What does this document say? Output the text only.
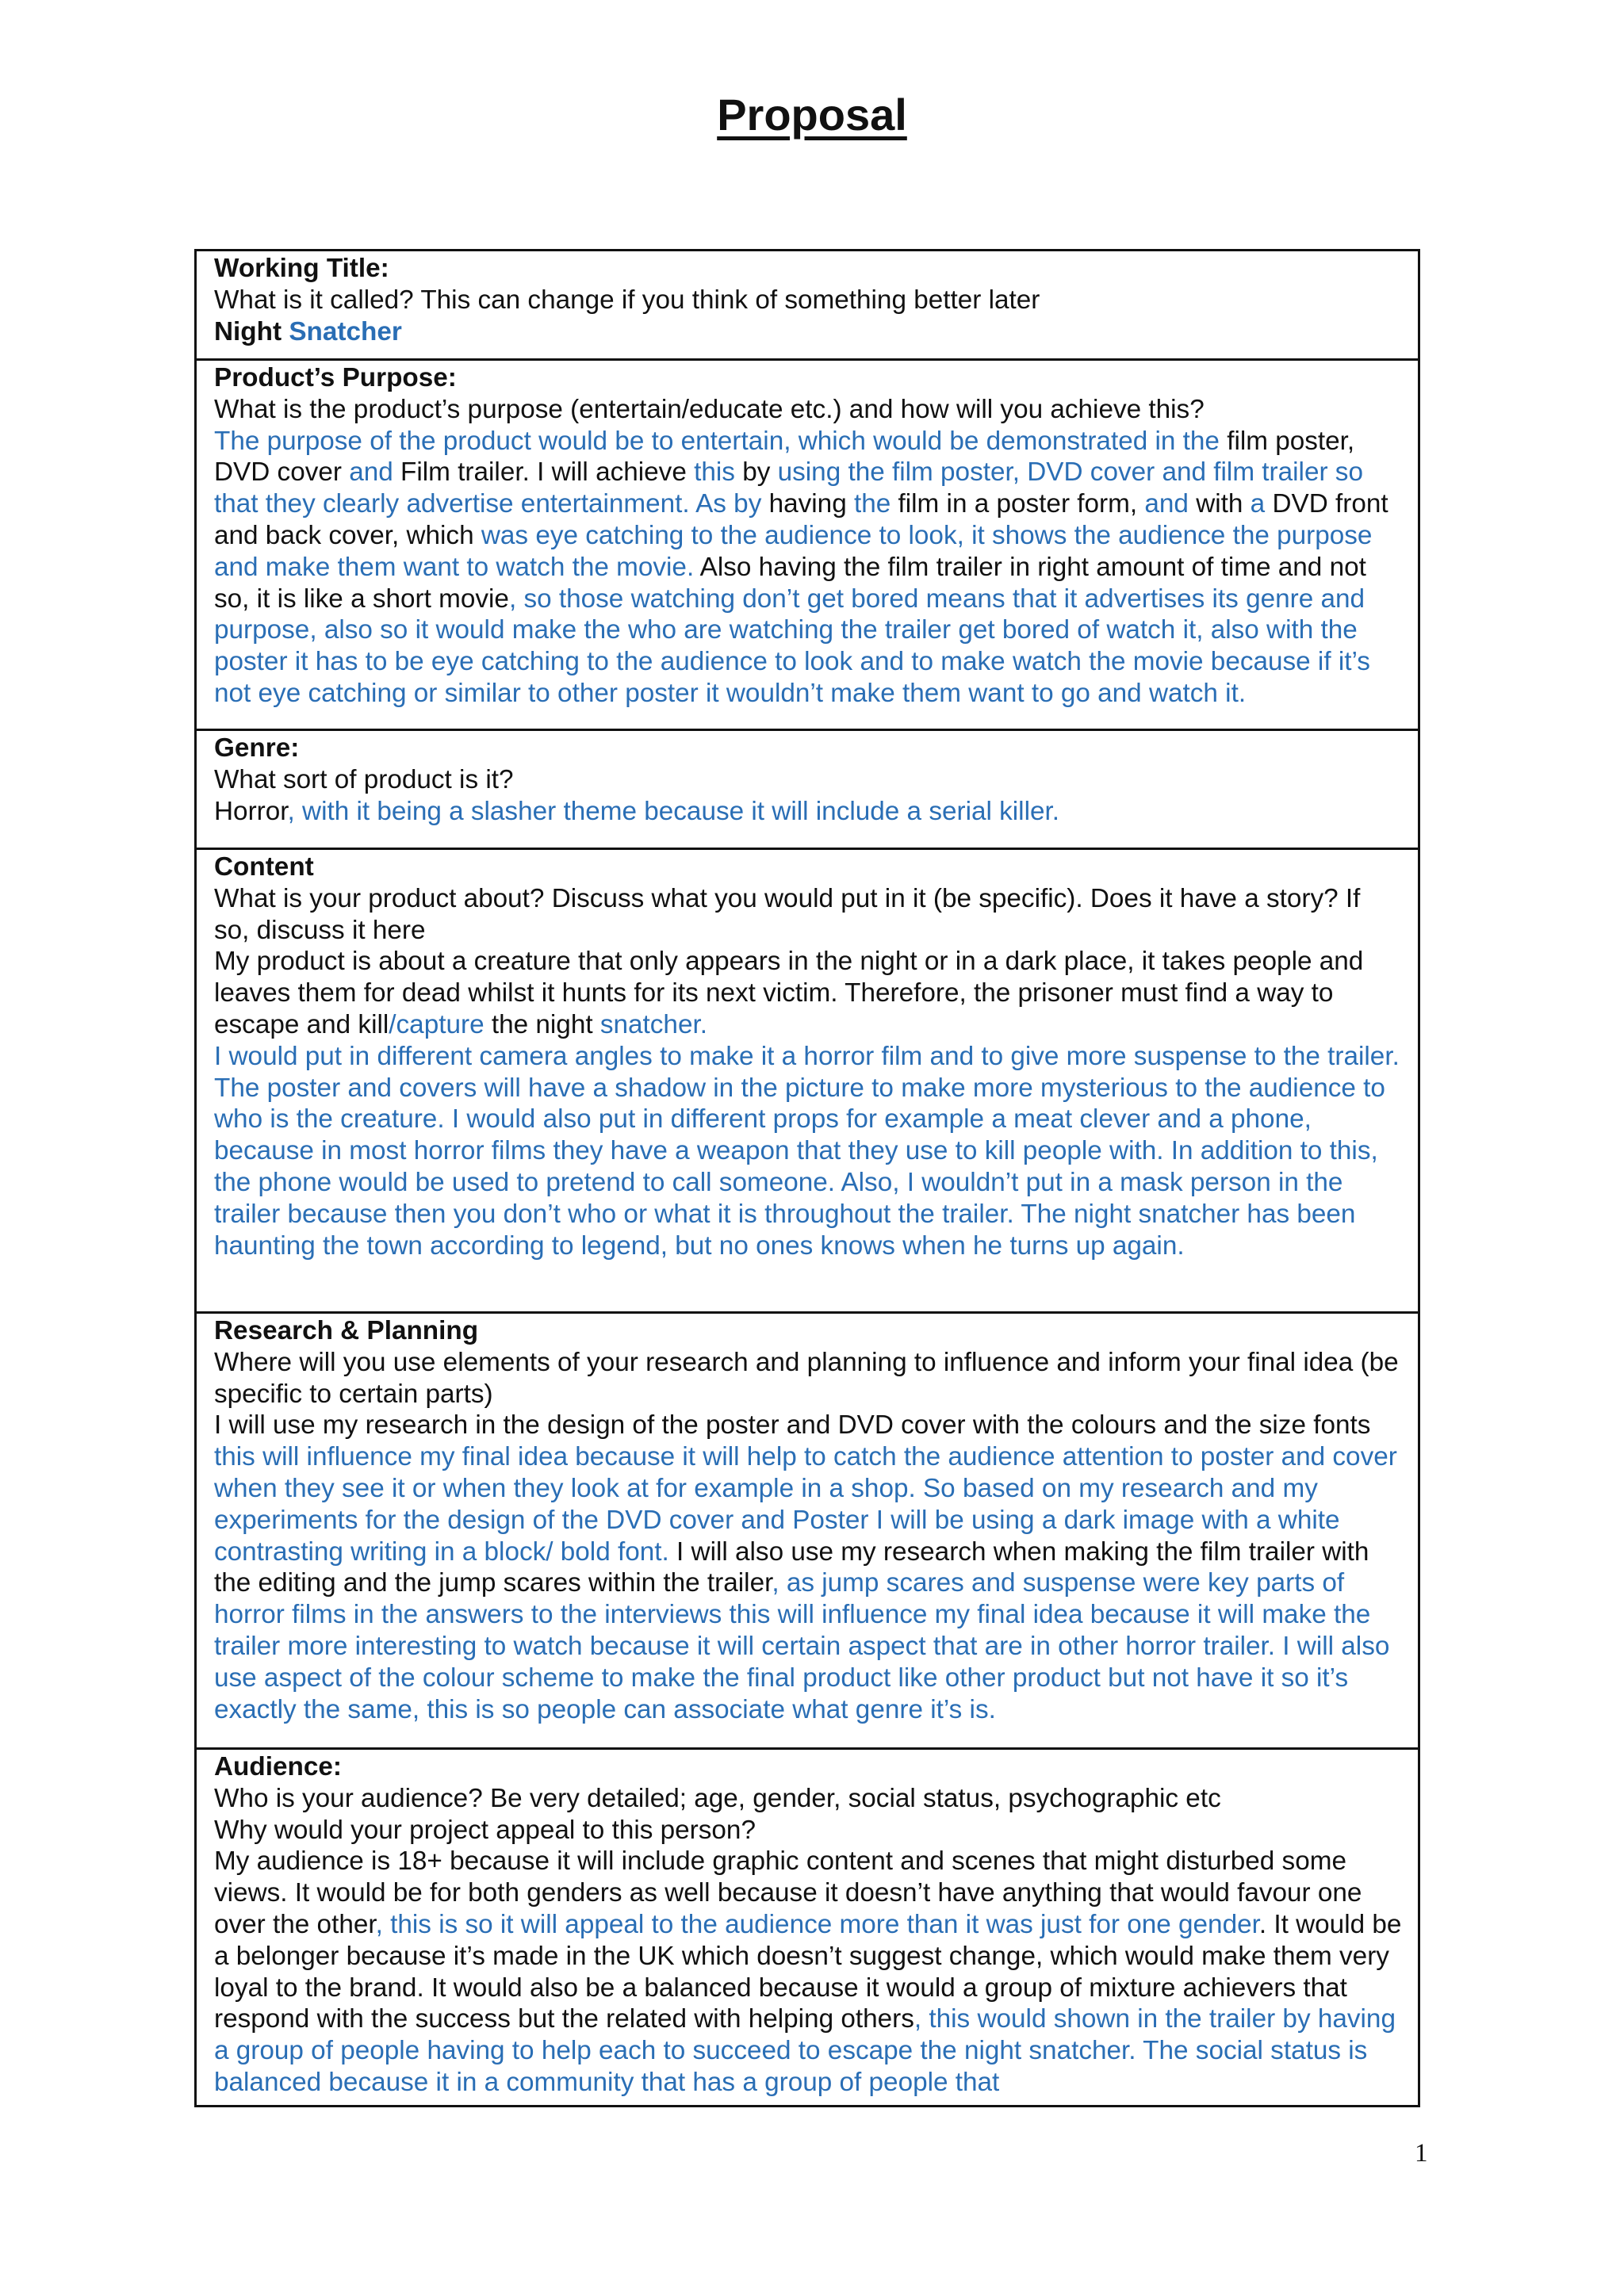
Proposal
Working Title:
What is it called? This can change if you think of something better later
Night Snatcher

Product’s Purpose:
What is the product’s purpose (entertain/educate etc.) and how will you achieve this?
The purpose of the product would be to entertain, which would be demonstrated in the film poster, DVD cover and Film trailer. I will achieve this by using the film poster, DVD cover and film trailer so that they clearly advertise entertainment. As by having the film in a poster form, and with a DVD front and back cover, which was eye catching to the audience to look, it shows the audience the purpose and make them want to watch the movie. Also having the film trailer in right amount of time and not so, it is like a short movie, so those watching don’t get bored means that it advertises its genre and purpose, also so it would make the who are watching the trailer get bored of watch it, also with the poster it has to be eye catching to the audience to look and to make watch the movie because if it’s not eye catching or similar to other poster it wouldn’t make them want to go and watch it.

Genre:
What sort of product is it?
Horror, with it being a slasher theme because it will include a serial killer.

Content
What is your product about? Discuss what you would put in it (be specific). Does it have a story? If so, discuss it here
My product is about a creature that only appears in the night or in a dark place, it takes people and leaves them for dead whilst it hunts for its next victim. Therefore, the prisoner must find a way to escape and kill/capture the night snatcher.
I would put in different camera angles to make it a horror film and to give more suspense to the trailer. The poster and covers will have a shadow in the picture to make more mysterious to the audience to who is the creature. I would also put in different props for example a meat clever and a phone, because in most horror films they have a weapon that they use to kill people with. In addition to this, the phone would be used to pretend to call someone. Also, I wouldn’t put in a mask person in the trailer because then you don’t who or what it is throughout the trailer. The night snatcher has been haunting the town according to legend, but no ones knows when he turns up again.

Research & Planning
Where will you use elements of your research and planning to influence and inform your final idea (be specific to certain parts)
I will use my research in the design of the poster and DVD cover with the colours and the size fonts this will influence my final idea because it will help to catch the audience attention to poster and cover when they see it or when they look at for example in a shop. So based on my research and my experiments for the design of the DVD cover and Poster I will be using a dark image with a white contrasting writing in a block/ bold font. I will also use my research when making the film trailer with the editing and the jump scares within the trailer, as jump scares and suspense were key parts of horror films in the answers to the interviews this will influence my final idea because it will make the trailer more interesting to watch because it will certain aspect that are in other horror trailer. I will also use aspect of the colour scheme to make the final product like other product but not have it so it’s exactly the same, this is so people can associate what genre it’s is.

Audience:
Who is your audience? Be very detailed; age, gender, social status, psychographic etc
Why would your project appeal to this person?
My audience is 18+ because it will include graphic content and scenes that might disturbed some views. It would be for both genders as well because it doesn’t have anything that would favour one over the other, this is so it will appeal to the audience more than it was just for one gender. It would be a belonger because it’s made in the UK which doesn’t suggest change, which would make them very loyal to the brand. It would also be a balanced because it would a group of mixture achievers that respond with the success but the related with helping others, this would shown in the trailer by having a group of people having to help each to succeed to escape the night snatcher. The social status is balanced because it in a community that has a group of people that
1
